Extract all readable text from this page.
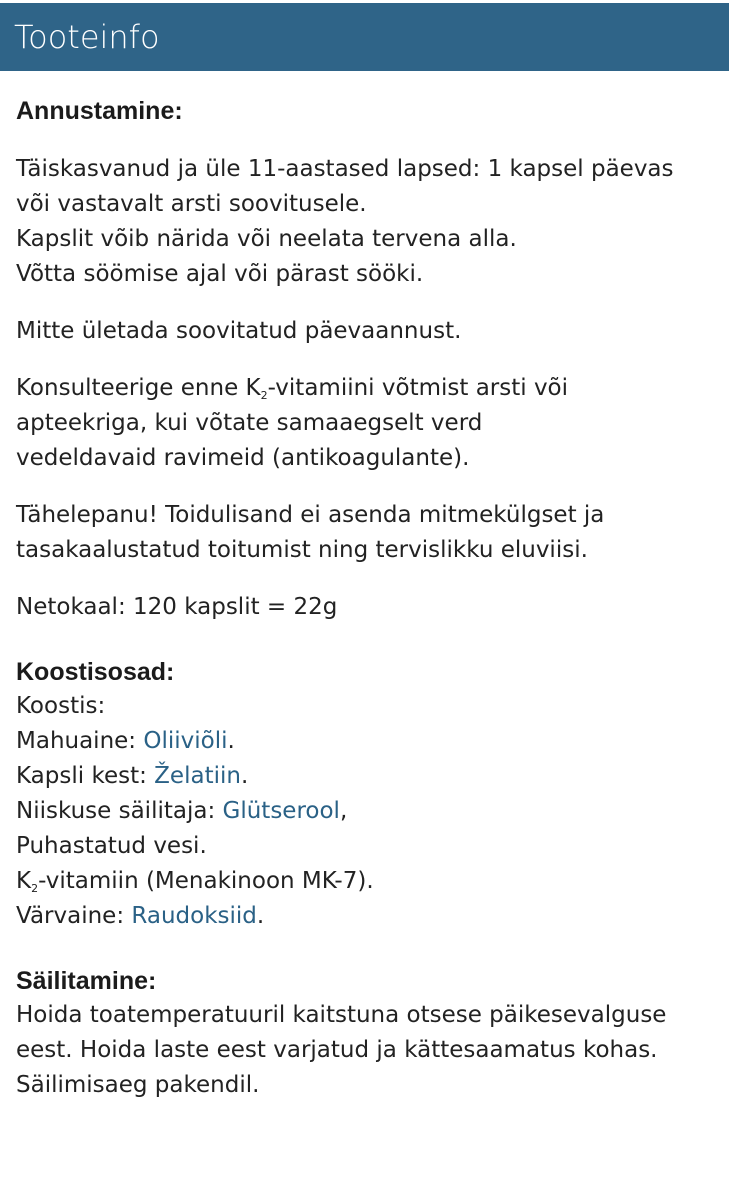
Tooteinfo
Annustamine:

Täiskasvanud ja üle 11-aastased lapsed: 1 kapsel päevas
või vastavalt arsti soovitusele.
Kapslit võib närida või neelata tervena alla.
Võtta söömise ajal või pärast sööki.

Mitte ületada soovitatud päevaannust.

Konsulteerige enne $K_2$-vitamiini võtmist arsti või
apteekriga, kui võtate samaaegselt verd
vedeldavaid ravimeid (antikoagulante).

Tähelepanu! Toidulisand ei asenda mitmekülgset ja
tasakaalustatud toitumist ning tervislikku eluviisi.

Netokaal: 120 kapslit = 22g

Koostisosad:

Koostis:
Mahuaine: Oliiviõli.
Kapsli kest: Želatiin.
Niiskuse säilitaja: Glütserool,
Puhastatud vesi.
$K_2$-vitamiin (Menakinoon MK-7).
Värvaine: Raudoksiid.

Säilitamine:

Hoida toatemperatuuril kaitstuna otsese päikesevalguse
eest. Hoida laste eest varjatud ja kättesaamatus kohas.
Säilimisaeg pakendil.
